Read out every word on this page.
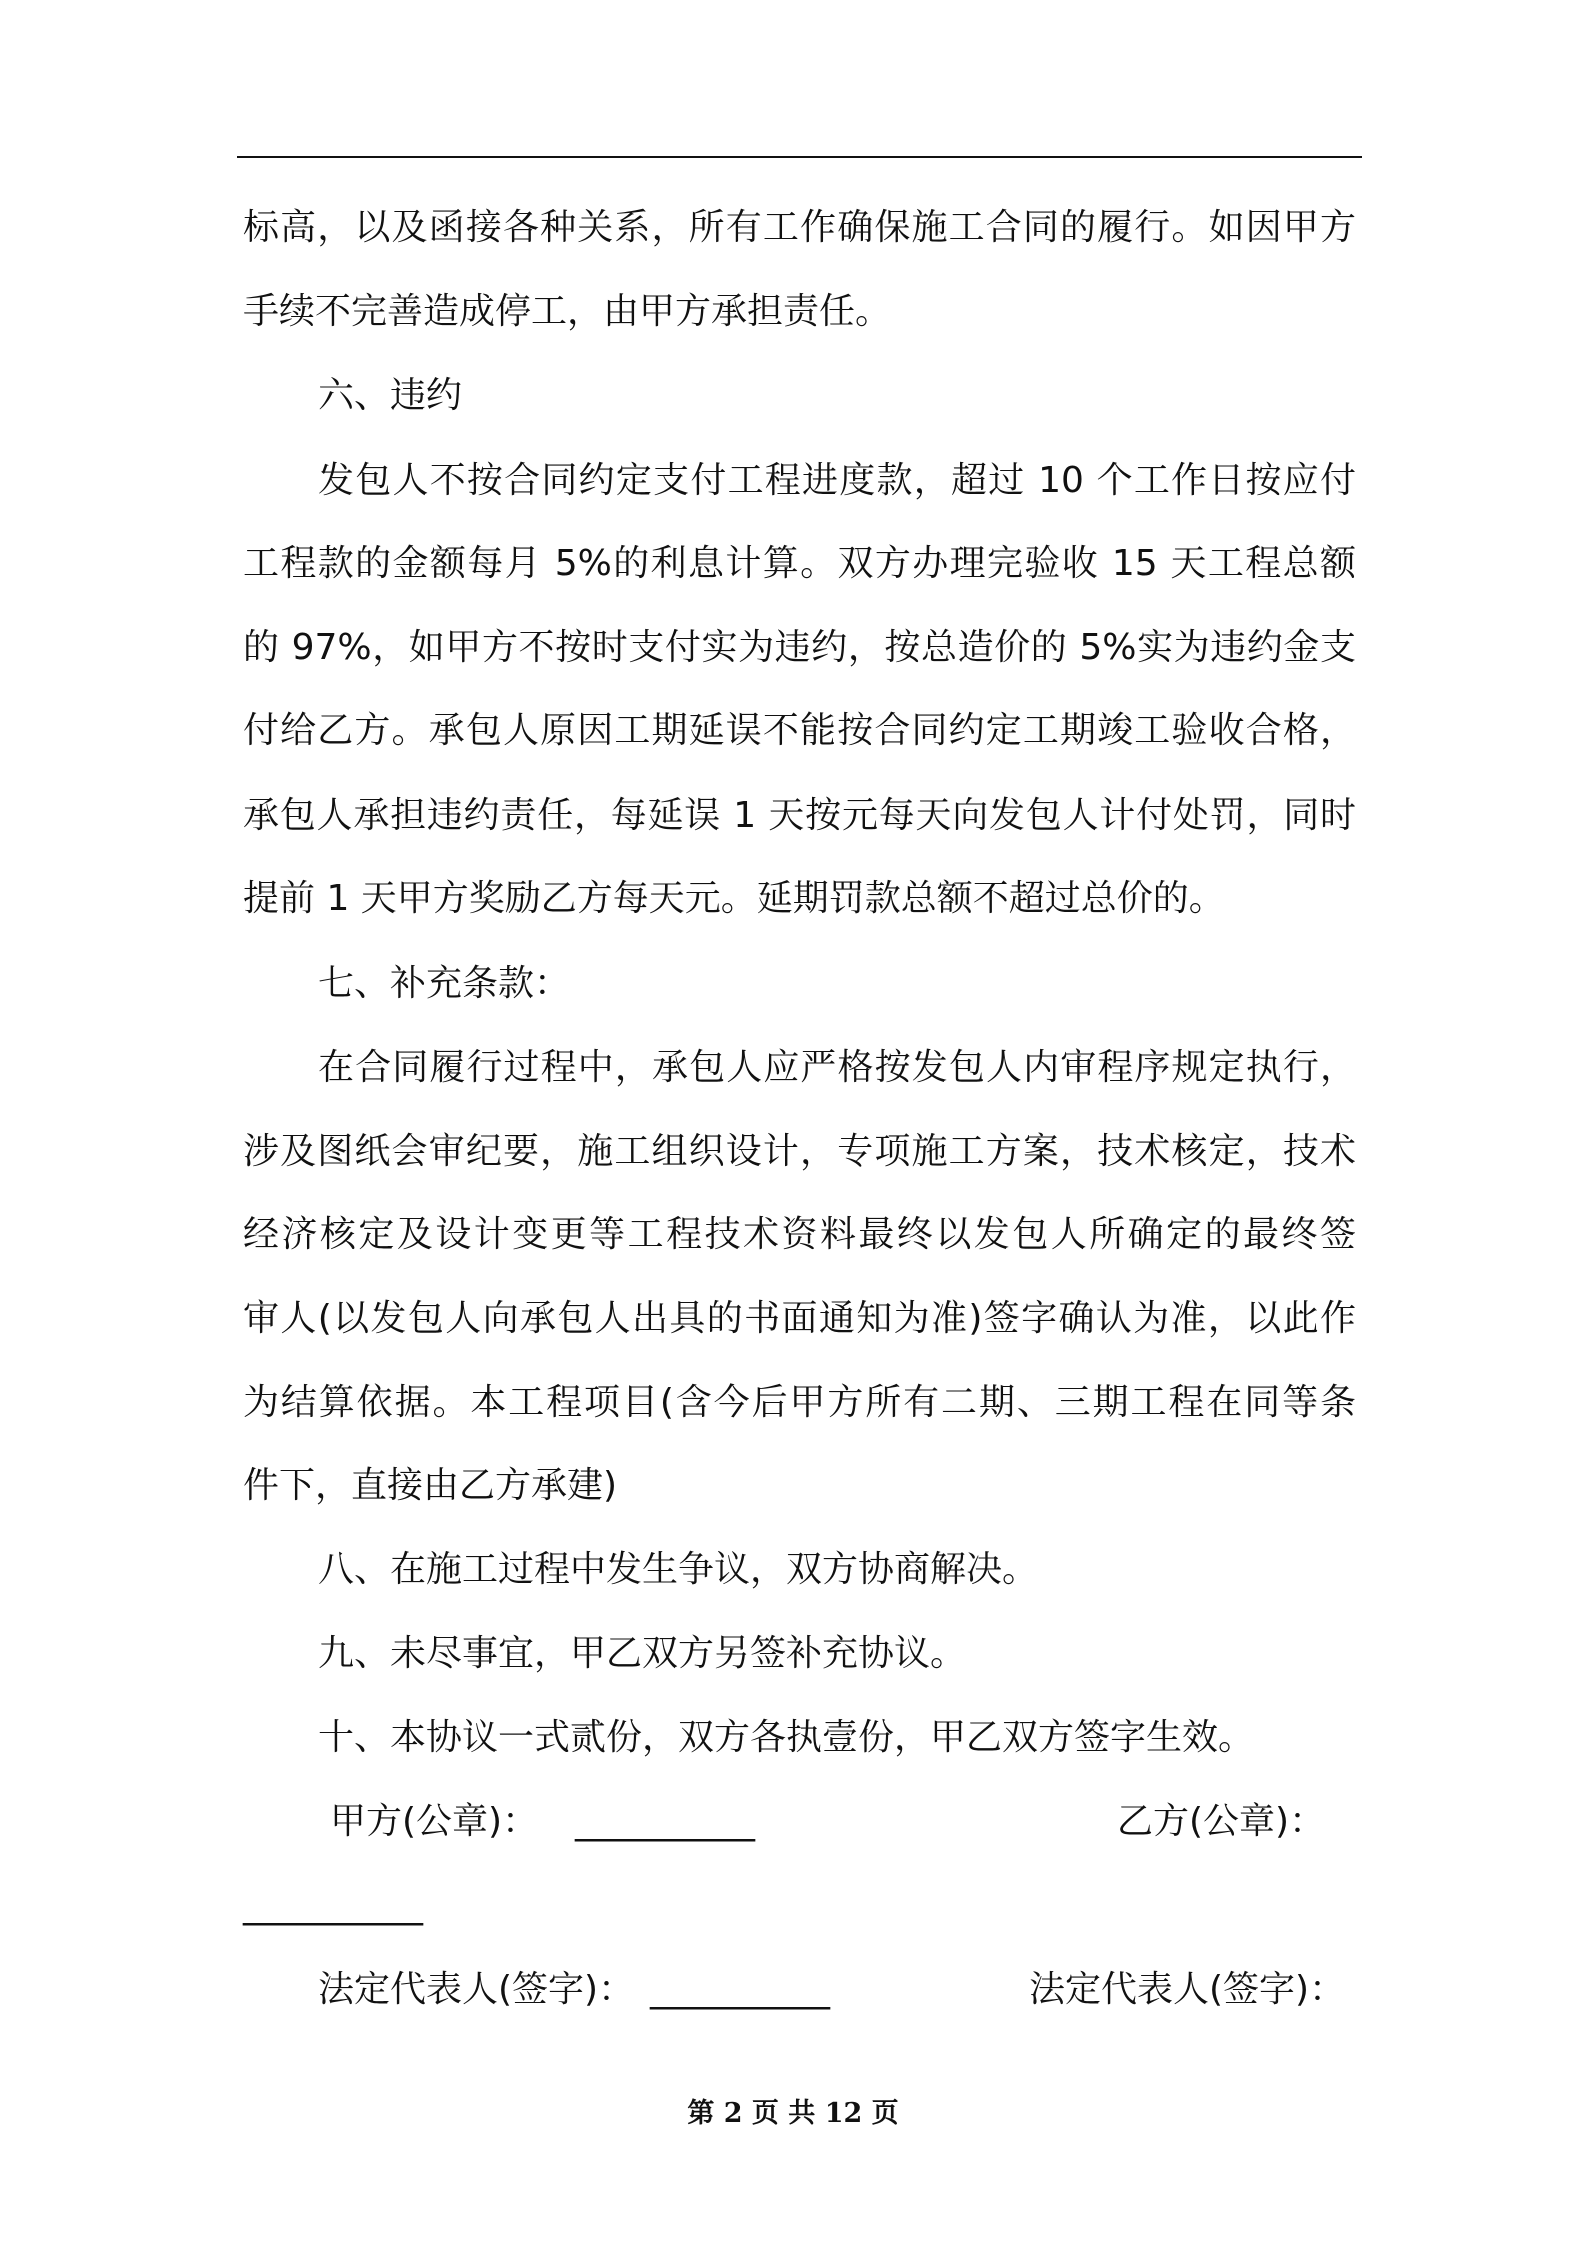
标高，以及函接各种关系，所有工作确保施工合同的履行。如因甲方

手续不完善造成停工，由甲方承担责任。

六、违约

发包人不按合同约定支付工程进度款，超过 10 个工作日按应付

工程款的金额每月 5%的利息计算。双方办理完验收 15 天工程总额

的 97%，如甲方不按时支付实为违约，按总造价的 5%实为违约金支

付给乙方。承包人原因工期延误不能按合同约定工期竣工验收合格，

承包人承担违约责任，每延误 1 天按元每天向发包人计付处罚，同时

提前 1 天甲方奖励乙方每天元。延期罚款总额不超过总价的。

七、补充条款：

在合同履行过程中，承包人应严格按发包人内审程序规定执行，

涉及图纸会审纪要，施工组织设计，专项施工方案，技术核定，技术

经济核定及设计变更等工程技术资料最终以发包人所确定的最终签

审人(以发包人向承包人出具的书面通知为准)签字确认为准，以此作

为结算依据。本工程项目(含今后甲方所有二期、三期工程在同等条

件下，直接由乙方承建)

八、在施工过程中发生争议，双方协商解决。

九、未尽事宜，甲乙双方另签补充协议。

十、本协议一式贰份，双方各执壹份，甲乙双方签字生效。

甲方(公章)： __________	乙方(公章)：
__________
法定代表人(签字)： __________	法定代表人(签字)：
第 2 页 共 12 页
